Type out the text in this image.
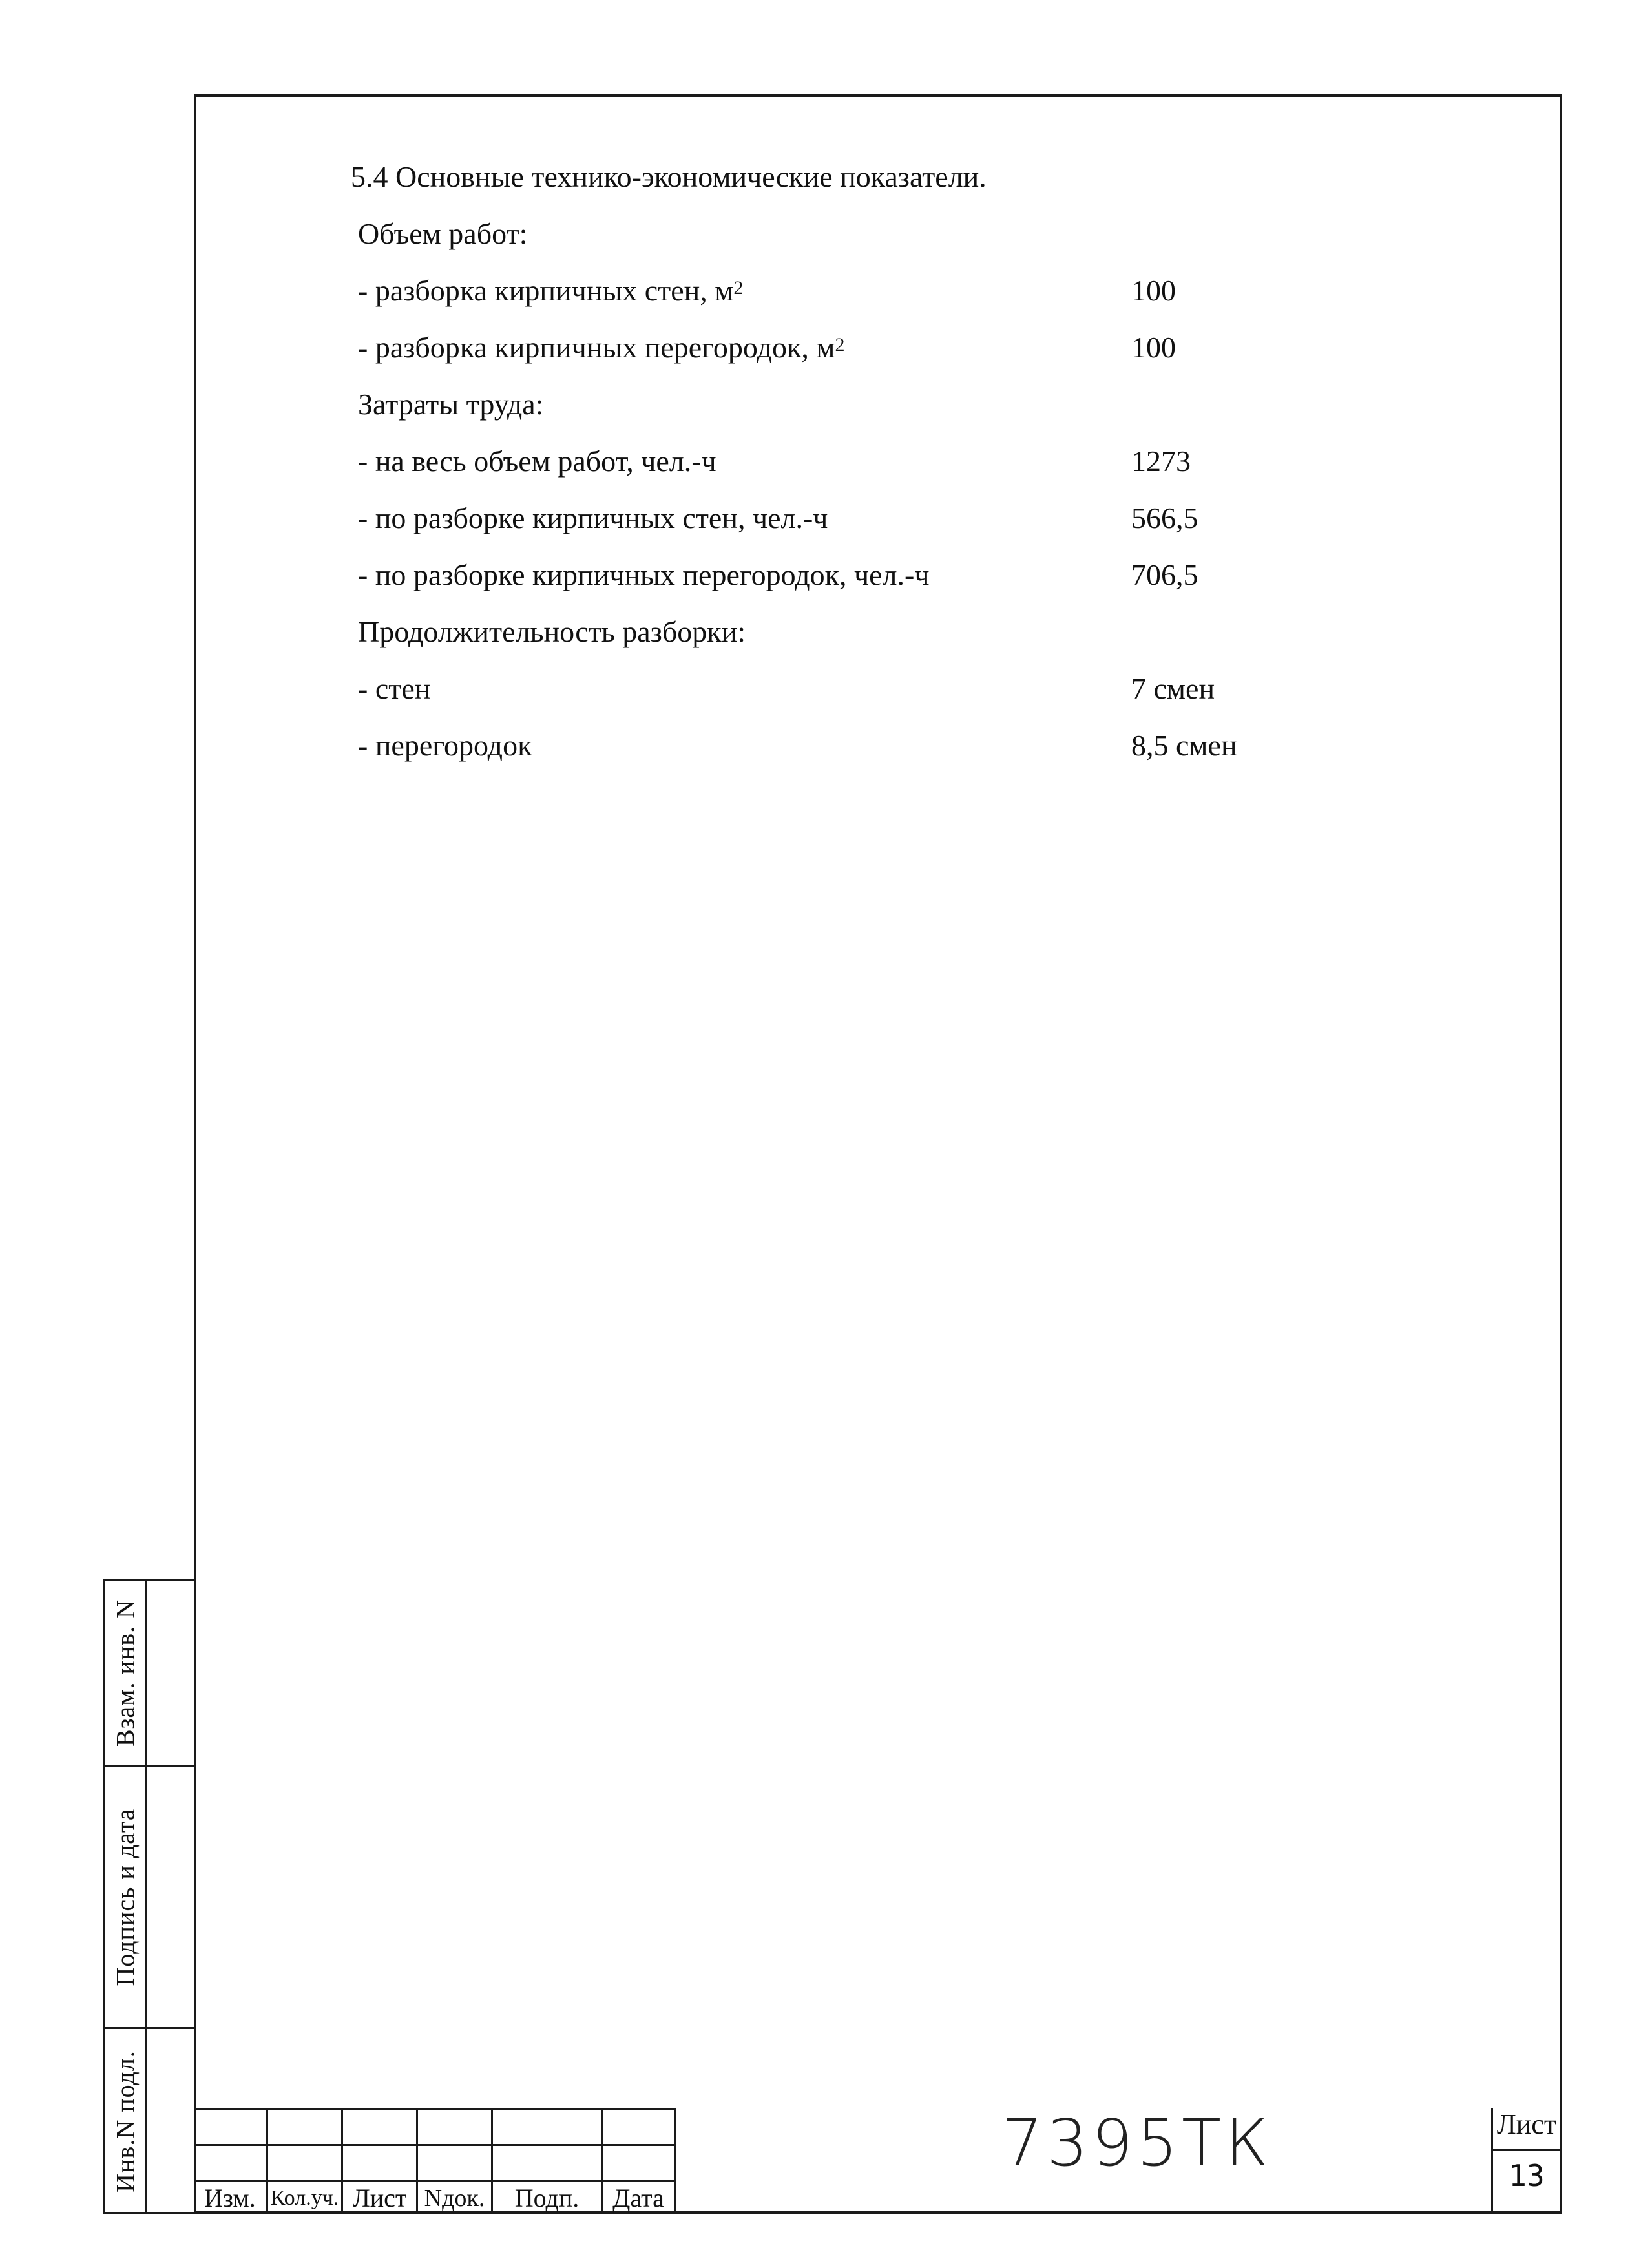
5.4 Основные технико-экономические показатели.
Объем работ:
- разборка кирпичных стен, $м^2$	100
- разборка кирпичных перегородок, $м^2$	100
Затраты труда:
- на весь объем работ, чел.-ч	1273
- по разборке кирпичных стен, чел.-ч	566,5
- по разборке кирпичных перегородок, чел.-ч	706,5
Продолжительность разборки:
- стен	7 смен
- перегородок	8,5 смен
Взам. инв. N
Подпись и дата
Инв.N подл.
Изм. Кол.уч. Лист Nдок.	Подп.	Дата
7395ТК	Лист
13
